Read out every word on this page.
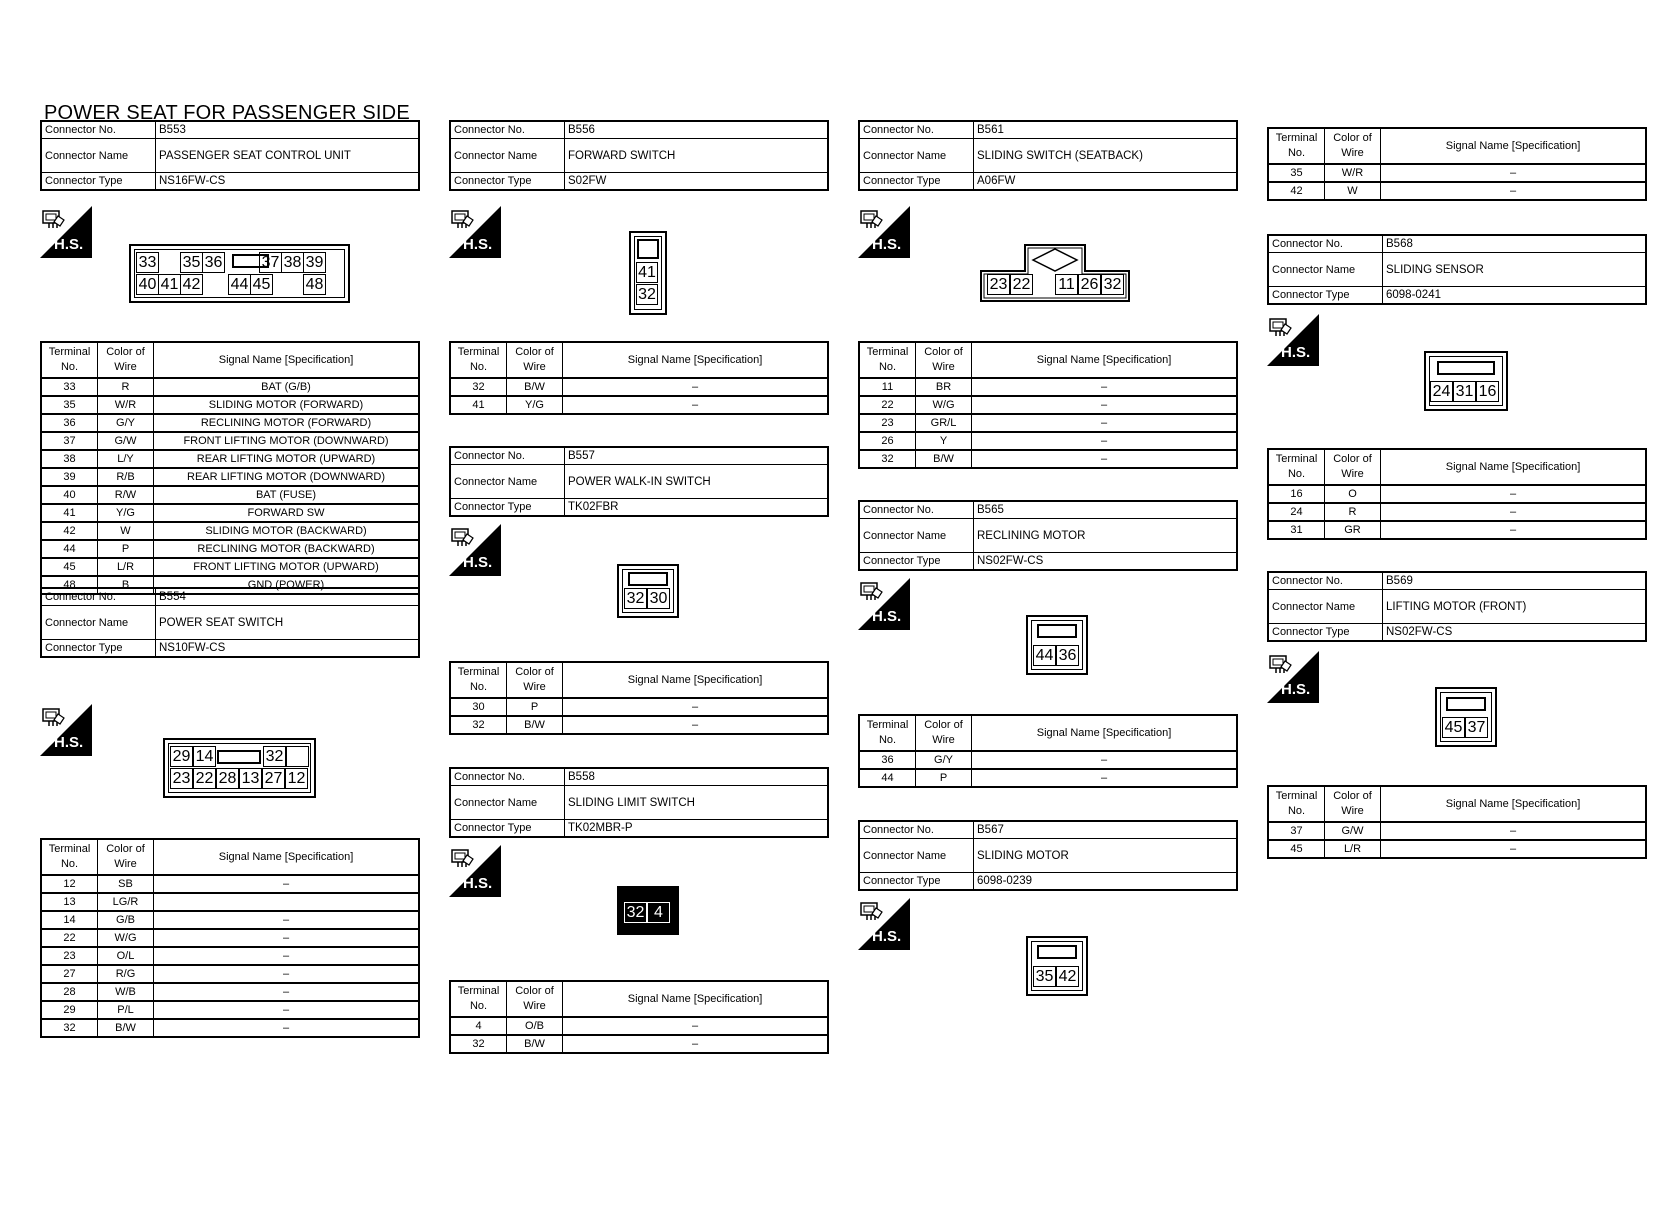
POWER SEAT FOR PASSENGER SIDE
Connector No.	B553
Connector Name	PASSENGER SEAT CONTROL UNIT
Connector Type	NS16FW-CS
Connector No.	B554
Connector Name	POWER SEAT SWITCH
Connector Type	NS10FW-CS
Connector No.	B556
Connector Name	FORWARD SWITCH
Connector Type	S02FW
Connector No.	B557
Connector Name	POWER WALK-IN SWITCH
Connector Type	TK02FBR
Connector No.	B558
Connector Name	SLIDING LIMIT SWITCH
Connector Type	TK02MBR-P
Connector No.	B561
Connector Name	SLIDING SWITCH (SEATBACK)
Connector Type	A06FW
Connector No.	B565
Connector Name	RECLINING MOTOR
Connector Type	NS02FW-CS
Connector No.	B567
Connector Name	SLIDING MOTOR
Connector Type	6098-0239
Connector No.	B568
Connector Name	SLIDING SENSOR
Connector Type	6098-0241
Connector No.	B569
Connector Name	LIFTING MOTOR (FRONT)
Connector Type	NS02FW-CS
Terminal No.	Color of Wire	Signal Name [Specification]
33	R	BAT (G/B)
35	W/R	SLIDING MOTOR (FORWARD)
36	G/Y	RECLINING MOTOR (FORWARD)
37	G/W	FRONT LIFTING MOTOR (DOWNWARD)
38	L/Y	REAR LIFTING MOTOR (UPWARD)
39	R/B	REAR LIFTING MOTOR (DOWNWARD)
40	R/W	BAT (FUSE)
41	Y/G	FORWARD SW
42	W	SLIDING MOTOR (BACKWARD)
44	P	RECLINING MOTOR (BACKWARD)
45	L/R	FRONT LIFTING MOTOR (UPWARD)
48	B	GND (POWER)
Terminal No.	Color of Wire	Signal Name [Specification]
12	SB	–
13	LG/R	
14	G/B	–
22	W/G	–
23	O/L	–
27	R/G	–
28	W/B	–
29	P/L	–
32	B/W	–
Terminal No.	Color of Wire	Signal Name [Specification]
32	B/W	–
41	Y/G	–
Terminal No.	Color of Wire	Signal Name [Specification]
30	P	–
32	B/W	–
Terminal No.	Color of Wire	Signal Name [Specification]
4	O/B	–
32	B/W	–
Terminal No.	Color of Wire	Signal Name [Specification]
11	BR	–
22	W/G	–
23	GR/L	–
26	Y	–
32	B/W	–
Terminal No.	Color of Wire	Signal Name [Specification]
36	G/Y	–
44	P	–
Terminal No.	Color of Wire	Signal Name [Specification]
35	W/R	–
42	W	–
Terminal No.	Color of Wire	Signal Name [Specification]
16	O	–
24	R	–
31	GR	–
Terminal No.	Color of Wire	Signal Name [Specification]
37	G/W	–
45	L/R	–
H.S.
H.S.
H.S.
H.S.
H.S.
H.S.
H.S.
H.S.
H.S.
H.S.
33 35 36 37 38 39
40 41 42 44 45 48
29 14	32
23 22 28 13 27 12
41
32
32 30
32 4
23 22 11 26 32
44 36
35 42
24 31 16
45 37
